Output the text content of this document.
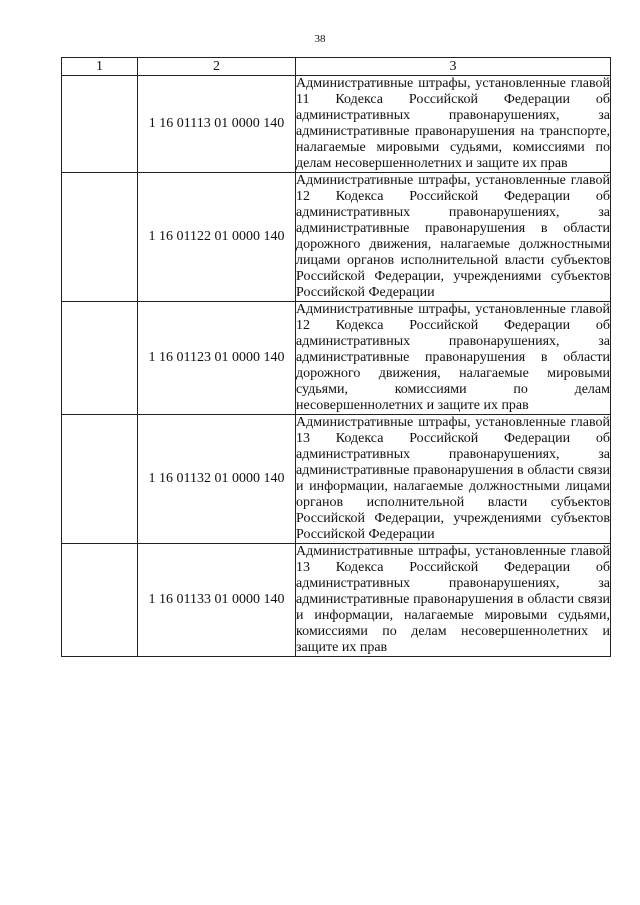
38
1	2	3
	1 16 01113 01 0000 140	Административные штрафы, установленные главой 11 Кодекса Российской Федерации об административных правонарушениях, за административные правонарушения на транспорте, налагаемые мировыми судьями, комиссиями по делам несовершеннолетних и защите их прав
	1 16 01122 01 0000 140	Административные штрафы, установленные главой 12 Кодекса Российской Федерации об административных правонарушениях, за административные правонарушения в области дорожного движения, налагаемые должностными лицами органов исполнительной власти субъектов Российской Федерации, учреждениями субъектов Российской Федерации
	1 16 01123 01 0000 140	Административные штрафы, установленные главой 12 Кодекса Российской Федерации об административных правонарушениях, за административные правонарушения в области дорожного движения, налагаемые мировыми судьями, комиссиями по делам несовершеннолетних и защите их прав
	1 16 01132 01 0000 140	Административные штрафы, установленные главой 13 Кодекса Российской Федерации об административных правонарушениях, за административные правонарушения в области связи и информации, налагаемые должностными лицами органов исполнительной власти субъектов Российской Федерации, учреждениями субъектов Российской Федерации
	1 16 01133 01 0000 140	Административные штрафы, установленные главой 13 Кодекса Российской Федерации об административных правонарушениях, за административные правонарушения в области связи и информации, налагаемые мировыми судьями, комиссиями по делам несовершеннолетних и защите их прав
